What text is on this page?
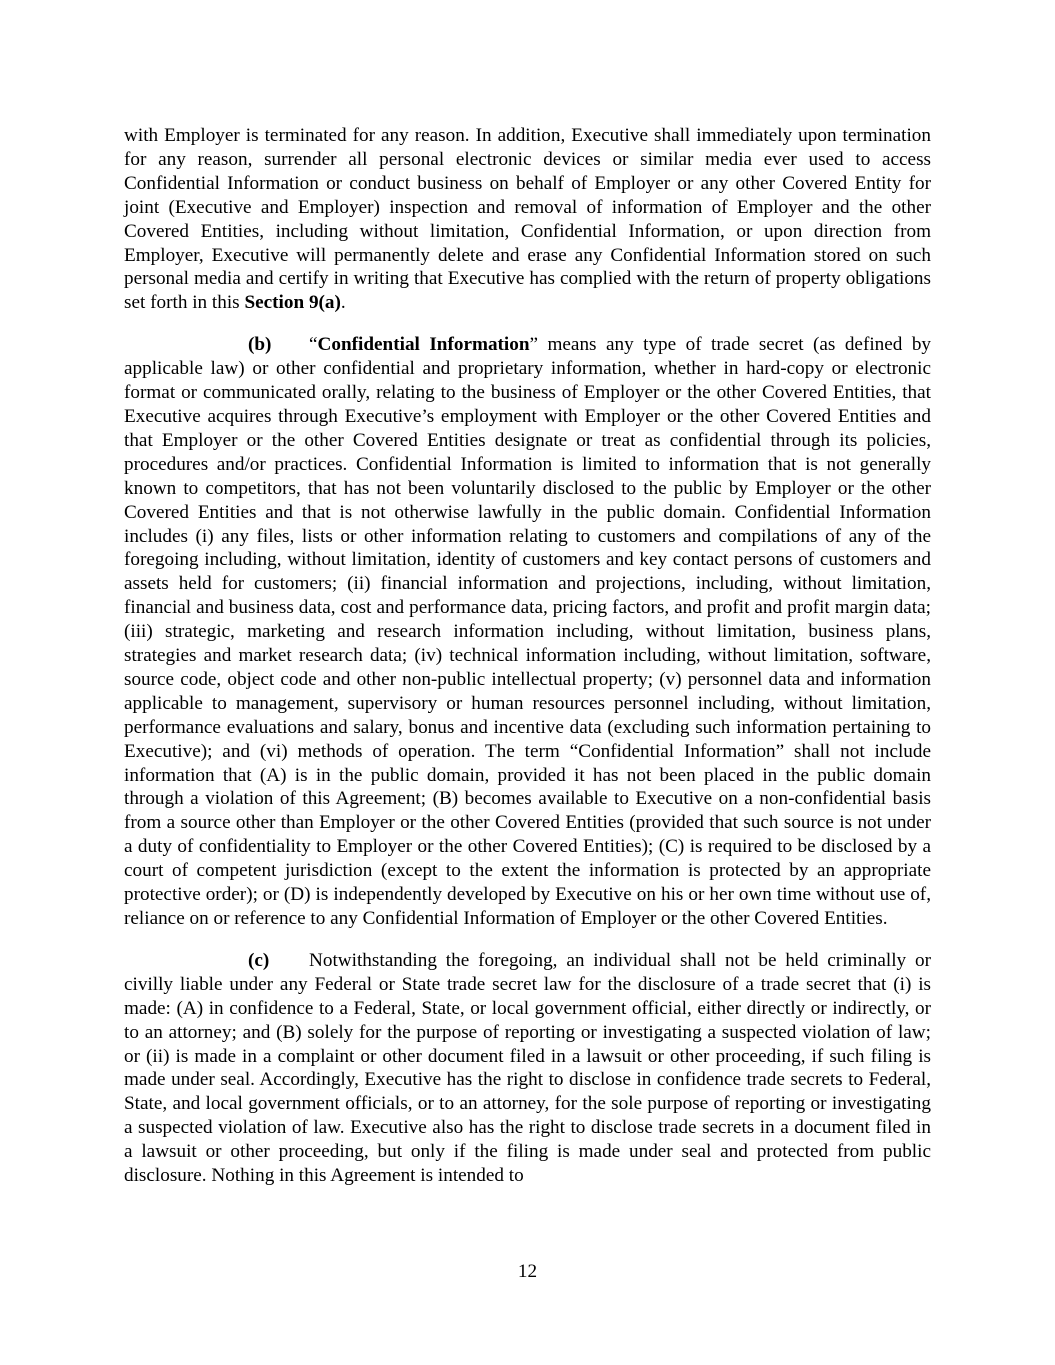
with Employer is terminated for any reason. In addition, Executive shall immediately upon termination for any reason, surrender all personal electronic devices or similar media ever used to access Confidential Information or conduct business on behalf of Employer or any other Covered Entity for joint (Executive and Employer) inspection and removal of information of Employer and the other Covered Entities, including without limitation, Confidential Information, or upon direction from Employer, Executive will permanently delete and erase any Confidential Information stored on such personal media and certify in writing that Executive has complied with the return of property obligations set forth in this Section 9(a).

(b) “Confidential Information” means any type of trade secret (as defined by applicable law) or other confidential and proprietary information, whether in hard-copy or electronic format or communicated orally, relating to the business of Employer or the other Covered Entities, that Executive acquires through Executive’s employment with Employer or the other Covered Entities and that Employer or the other Covered Entities designate or treat as confidential through its policies, procedures and/or practices. Confidential Information is limited to information that is not generally known to competitors, that has not been voluntarily disclosed to the public by Employer or the other Covered Entities and that is not otherwise lawfully in the public domain. Confidential Information includes (i) any files, lists or other information relating to customers and compilations of any of the foregoing including, without limitation, identity of customers and key contact persons of customers and assets held for customers; (ii) financial information and projections, including, without limitation, financial and business data, cost and performance data, pricing factors, and profit and profit margin data; (iii) strategic, marketing and research information including, without limitation, business plans, strategies and market research data; (iv) technical information including, without limitation, software, source code, object code and other non-public intellectual property; (v) personnel data and information applicable to management, supervisory or human resources personnel including, without limitation, performance evaluations and salary, bonus and incentive data (excluding such information pertaining to Executive); and (vi) methods of operation. The term “Confidential Information” shall not include information that (A) is in the public domain, provided it has not been placed in the public domain through a violation of this Agreement; (B) becomes available to Executive on a non-confidential basis from a source other than Employer or the other Covered Entities (provided that such source is not under a duty of confidentiality to Employer or the other Covered Entities); (C) is required to be disclosed by a court of competent jurisdiction (except to the extent the information is protected by an appropriate protective order); or (D) is independently developed by Executive on his or her own time without use of, reliance on or reference to any Confidential Information of Employer or the other Covered Entities.

(c) Notwithstanding the foregoing, an individual shall not be held criminally or civilly liable under any Federal or State trade secret law for the disclosure of a trade secret that (i) is made: (A) in confidence to a Federal, State, or local government official, either directly or indirectly, or to an attorney; and (B) solely for the purpose of reporting or investigating a suspected violation of law; or (ii) is made in a complaint or other document filed in a lawsuit or other proceeding, if such filing is made under seal. Accordingly, Executive has the right to disclose in confidence trade secrets to Federal, State, and local government officials, or to an attorney, for the sole purpose of reporting or investigating a suspected violation of law. Executive also has the right to disclose trade secrets in a document filed in a lawsuit or other proceeding, but only if the filing is made under seal and protected from public disclosure. Nothing in this Agreement is intended to

12
